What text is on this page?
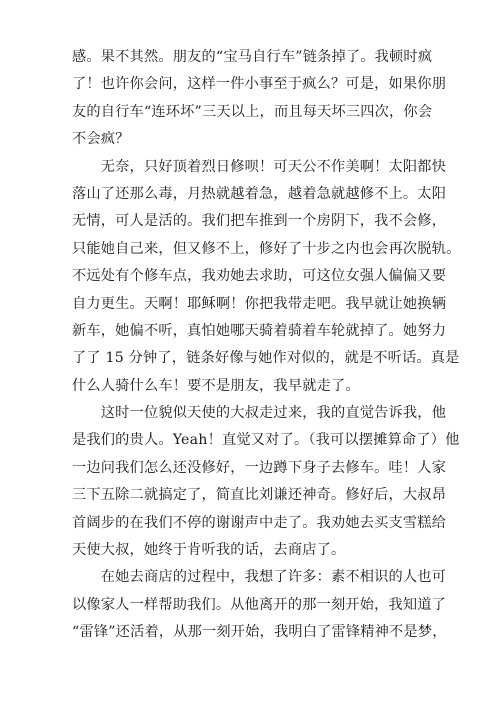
感。果不其然。朋友的“宝马自行车”链条掉了。我顿时疯
了！也许你会问，这样一件小事至于疯么？可是，如果你朋
友的自行车“连环坏”三天以上，而且每天坏三四次，你会
不会疯？
　　无奈，只好顶着烈日修呗！可天公不作美啊！太阳都快
落山了还那么毒，月热就越着急，越着急就越修不上。太阳
无情，可人是活的。我们把车推到一个房阴下，我不会修，
只能她自己来，但又修不上，修好了十步之内也会再次脱轨。
不远处有个修车点，我劝她去求助，可这位女强人偏偏又要
自力更生。天啊！耶稣啊！你把我带走吧。我早就让她换辆
新车，她偏不听，真怕她哪天骑着骑着车轮就掉了。她努力
了了 15 分钟了，链条好像与她作对似的，就是不听话。真是
什么人骑什么车！要不是朋友，我早就走了。
　　这时一位貌似天使的大叔走过来，我的直觉告诉我，他
是我们的贵人。Yeah！直觉又对了。（我可以摆摊算命了）他
一边问我们怎么还没修好，一边蹲下身子去修车。哇！人家
三下五除二就搞定了，简直比刘谦还神奇。修好后，大叔昂
首阔步的在我们不停的谢谢声中走了。我劝她去买支雪糕给
天使大叔，她终于肯听我的话，去商店了。
　　在她去商店的过程中，我想了许多：素不相识的人也可
以像家人一样帮助我们。从他离开的那一刻开始，我知道了
“雷锋”还活着，从那一刻开始，我明白了雷锋精神不是梦，
